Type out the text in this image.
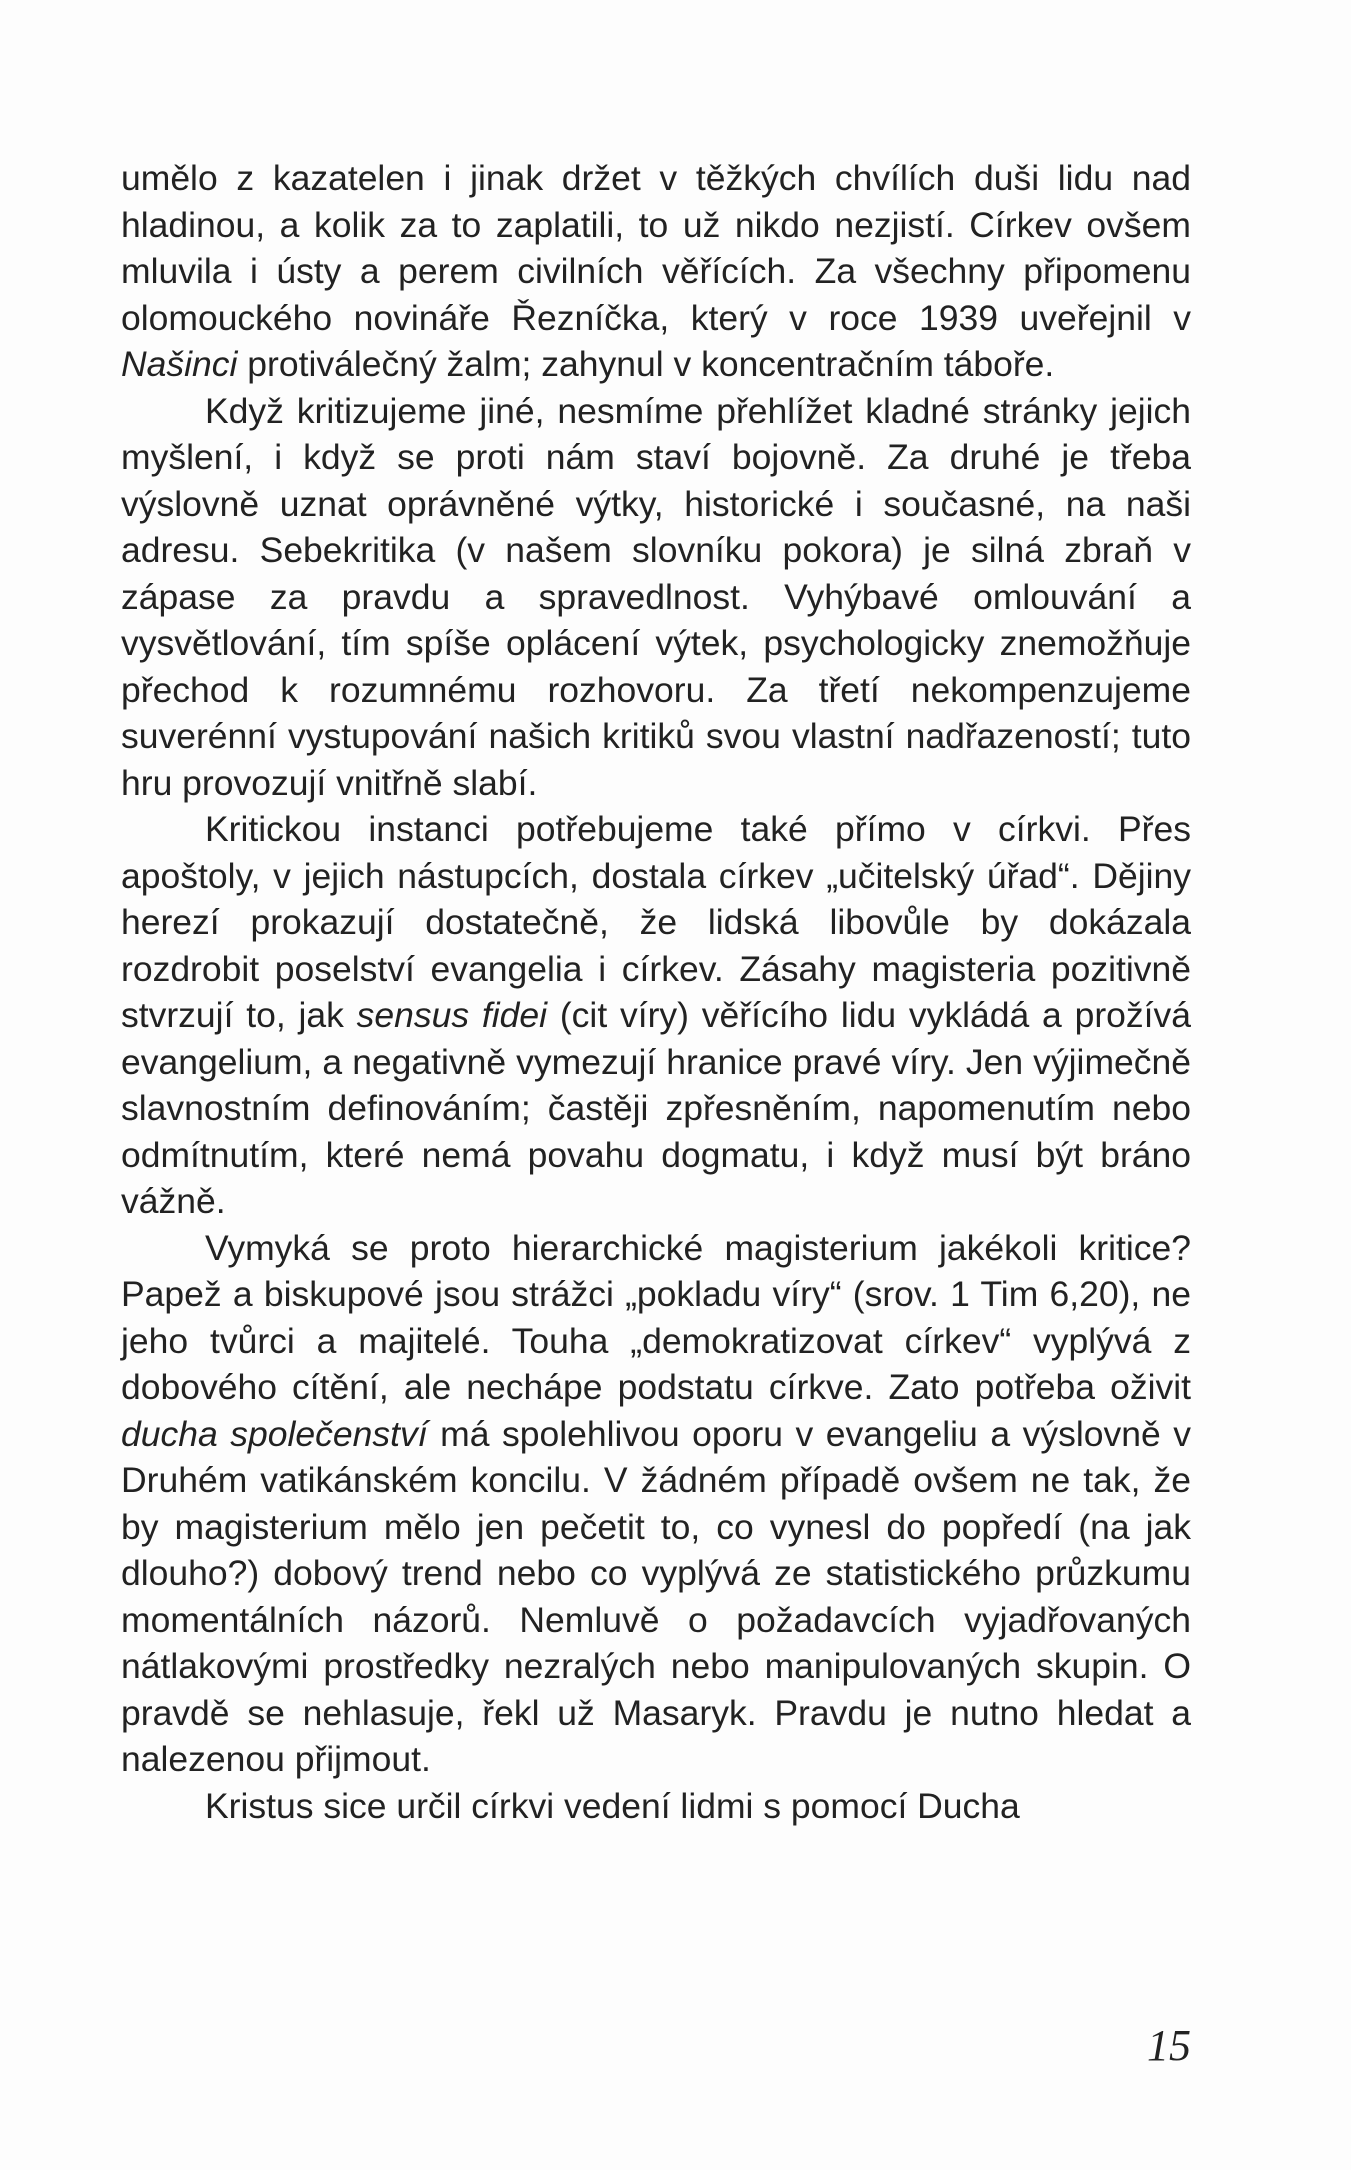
umělo z kazatelen i jinak držet v těžkých chvílích duši lidu nad hladinou, a kolik za to zaplatili, to už nikdo nezjistí. Církev ovšem mluvila i ústy a perem civilních věřících. Za všechny připomenu olomouckého novináře Řezníčka, který v roce 1939 uveřejnil v Našinci protiválečný žalm; zahynul v koncentračním táboře.

Když kritizujeme jiné, nesmíme přehlížet kladné stránky jejich myšlení, i když se proti nám staví bojovně. Za druhé je třeba výslovně uznat oprávněné výtky, historické i současné, na naši adresu. Sebekritika (v našem slovníku pokora) je silná zbraň v zápase za pravdu a spravedlnost. Vyhýbavé omlouvání a vysvětlování, tím spíše oplácení výtek, psychologicky znemožňuje přechod k rozumnému rozhovoru. Za třetí nekompenzujeme suverénní vystupování našich kritiků svou vlastní nadřazeností; tuto hru provozují vnitřně slabí.

Kritickou instanci potřebujeme také přímo v církvi. Přes apoštoly, v jejich nástupcích, dostala církev „učitelský úřad“. Dějiny herezí prokazují dostatečně, že lidská libovůle by dokázala rozdrobit poselství evangelia i církev. Zásahy magisteria pozitivně stvrzují to, jak sensus fidei (cit víry) věřícího lidu vykládá a prožívá evangelium, a negativně vymezují hranice pravé víry. Jen výjimečně slavnostním definováním; častěji zpřesněním, napomenutím nebo odmítnutím, které nemá povahu dogmatu, i když musí být bráno vážně.

Vymyká se proto hierarchické magisterium jakékoli kritice? Papež a biskupové jsou strážci „pokladu víry“ (srov. 1 Tim 6,20), ne jeho tvůrci a majitelé. Touha „demokratizovat církev“ vyplývá z dobového cítění, ale nechápe podstatu církve. Zato potřeba oživit ducha společenství má spolehlivou oporu v evangeliu a výslovně v Druhém vatikánském koncilu. V žádném případě ovšem ne tak, že by magisterium mělo jen pečetit to, co vynesl do popředí (na jak dlouho?) dobový trend nebo co vyplývá ze statistického průzkumu momentálních názorů. Nemluvě o požadavcích vyjadřovaných nátlakovými prostředky nezralých nebo manipulovaných skupin. O pravdě se nehlasuje, řekl už Masaryk. Pravdu je nutno hledat a nalezenou přijmout.

Kristus sice určil církvi vedení lidmi s pomocí Ducha

15
